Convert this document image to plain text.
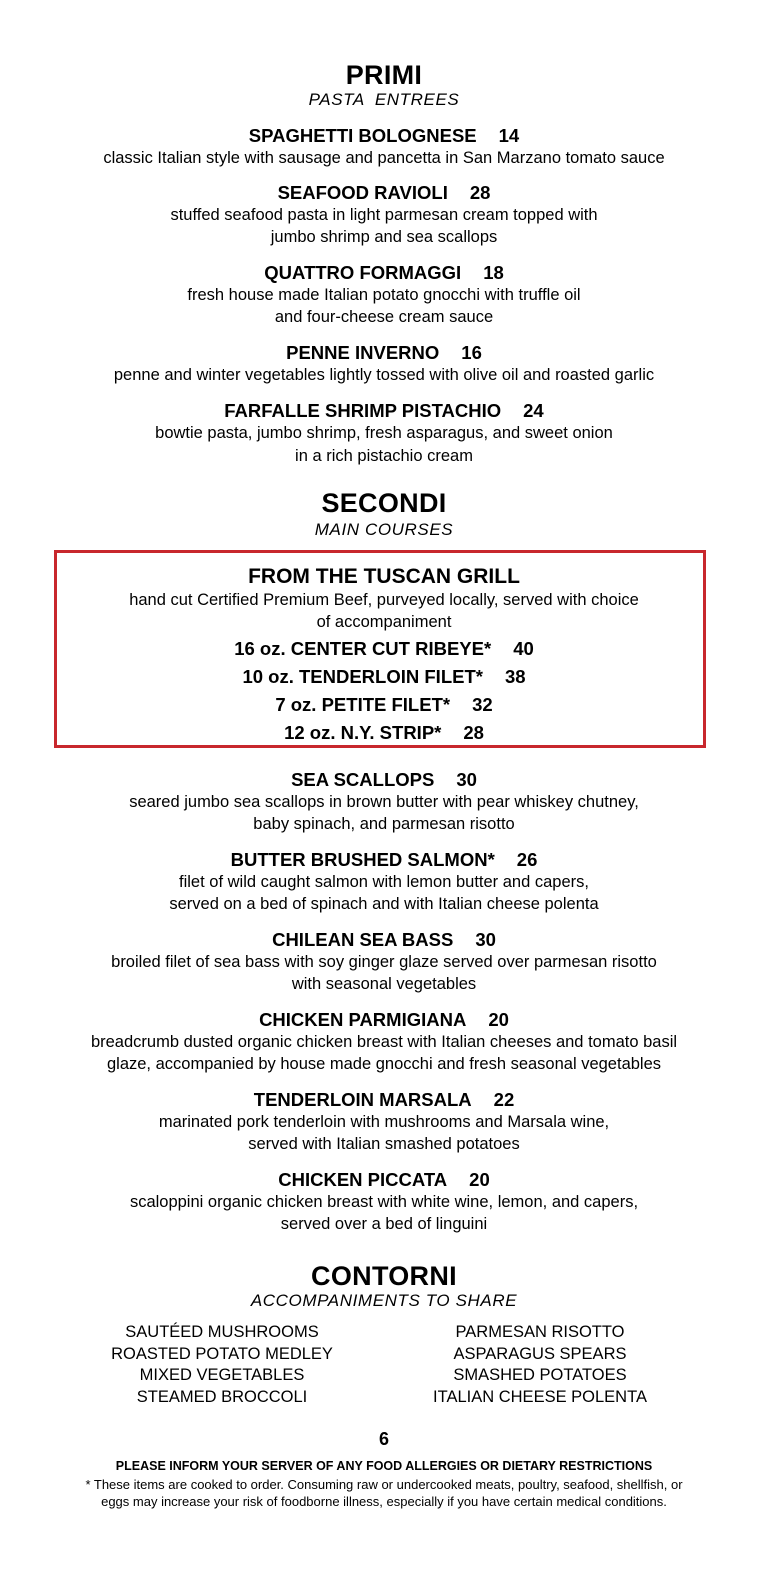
PRIMI
PASTA  ENTREES
SPAGHETTI BOLOGNESE 14
classic Italian style with sausage and pancetta in San Marzano tomato sauce
SEAFOOD RAVIOLI 28
stuffed seafood pasta in light parmesan cream topped with
jumbo shrimp and sea scallops
QUATTRO FORMAGGI 18
fresh house made Italian potato gnocchi with truffle oil
and four-cheese cream sauce
PENNE INVERNO 16
penne and winter vegetables lightly tossed with olive oil and roasted garlic
FARFALLE SHRIMP PISTACHIO 24
bowtie pasta, jumbo shrimp, fresh asparagus, and sweet onion
in a rich pistachio cream
SECONDI
MAIN COURSES
FROM THE TUSCAN GRILL
hand cut Certified Premium Beef, purveyed locally, served with choice
of accompaniment
16 oz. CENTER CUT RIBEYE* 40
10 oz. TENDERLOIN FILET* 38
7 oz. PETITE FILET* 32
12 oz. N.Y. STRIP* 28
SEA SCALLOPS 30
seared jumbo sea scallops in brown butter with pear whiskey chutney,
baby spinach, and parmesan risotto
BUTTER BRUSHED SALMON* 26
filet of wild caught salmon with lemon butter and capers,
served on a bed of spinach and with Italian cheese polenta
CHILEAN SEA BASS 30
broiled filet of sea bass with soy ginger glaze served over parmesan risotto
with seasonal vegetables
CHICKEN PARMIGIANA 20
breadcrumb dusted organic chicken breast with Italian cheeses and tomato basil
glaze, accompanied by house made gnocchi and fresh seasonal vegetables
TENDERLOIN MARSALA 22
marinated pork tenderloin with mushrooms and Marsala wine,
served with Italian smashed potatoes
CHICKEN PICCATA 20
scaloppini organic chicken breast with white wine, lemon, and capers,
served over a bed of linguini
CONTORNI
ACCOMPANIMENTS TO SHARE
SAUTÉED MUSHROOMS
ROASTED POTATO MEDLEY
MIXED VEGETABLES
STEAMED BROCCOLI
PARMESAN RISOTTO
ASPARAGUS SPEARS
SMASHED POTATOES
ITALIAN CHEESE POLENTA
6
PLEASE INFORM YOUR SERVER OF ANY FOOD ALLERGIES OR DIETARY RESTRICTIONS
* These items are cooked to order. Consuming raw or undercooked meats, poultry, seafood, shellfish, or
eggs may increase your risk of foodborne illness, especially if you have certain medical conditions.
